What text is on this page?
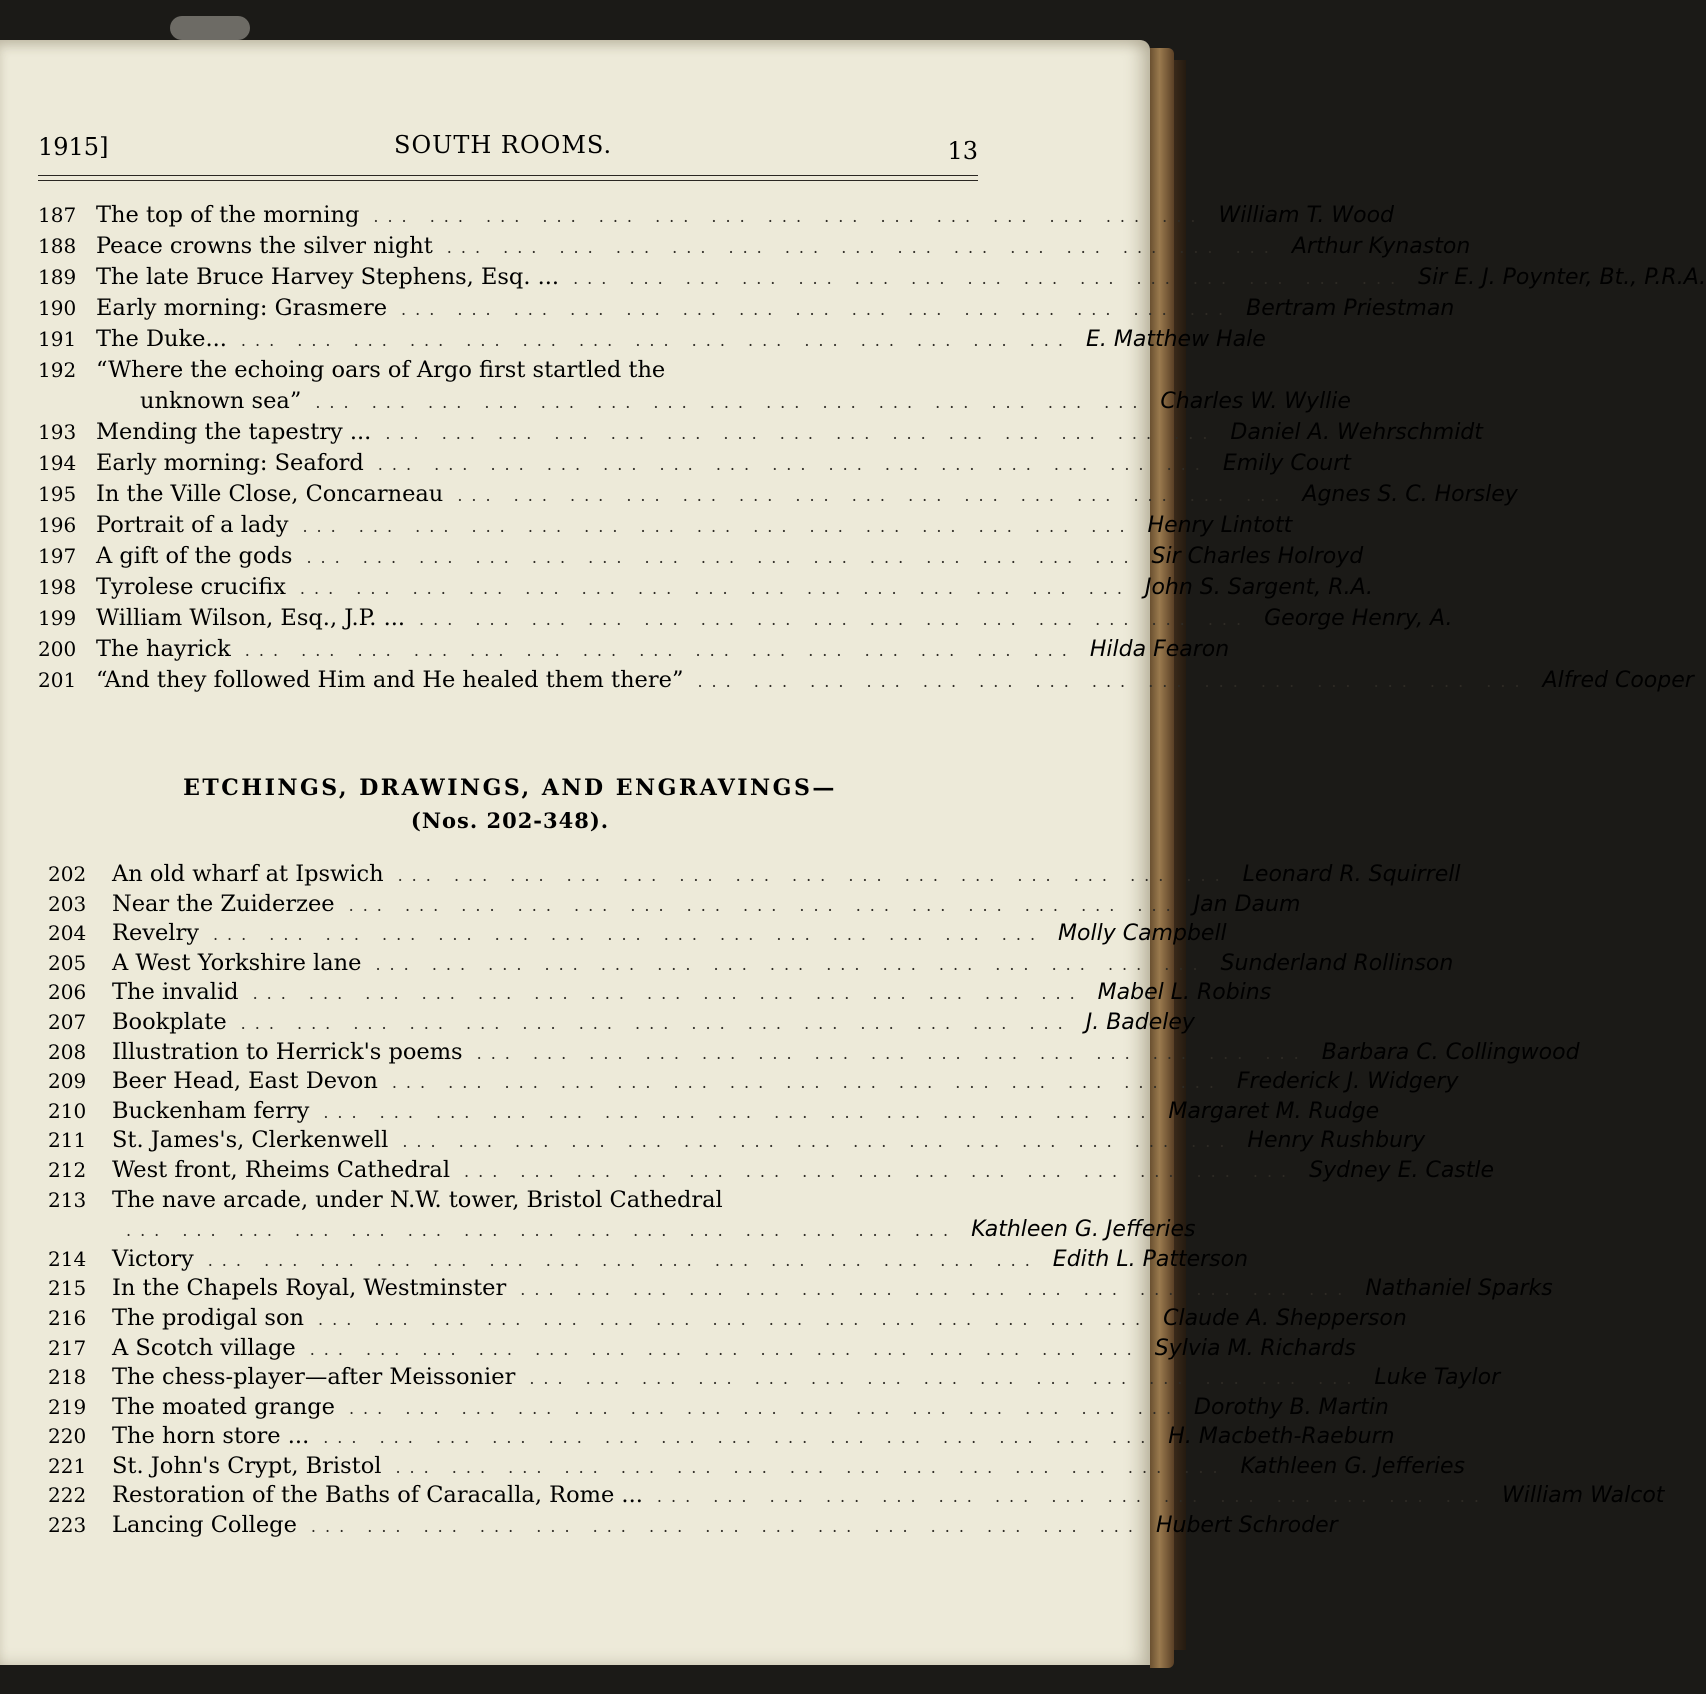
1915]	SOUTH ROOMS.	13
187 The top of the morning ... ... ... ... ... ... ... ... ... ... ... ... ... ... ... William T. Wood
188 Peace crowns the silver night ... ... ... ... ... ... ... ... ... ... ... ... ... ... ... Arthur Kynaston
189 The late Bruce Harvey Stephens, Esq. ... ... ... ... ... ... ... ... ... ... ... ... ... ... ... ... Sir E. J. Poynter, Bt., P.R.A.
190 Early morning: Grasmere ... ... ... ... ... ... ... ... ... ... ... ... ... ... ... Bertram Priestman
191 The Duke... ... ... ... ... ... ... ... ... ... ... ... ... ... ... ... E. Matthew Hale
192 “Where the echoing oars of Argo first startled the
unknown sea” ... ... ... ... ... ... ... ... ... ... ... ... ... ... ... Charles W. Wyllie
193 Mending the tapestry ... ... ... ... ... ... ... ... ... ... ... ... ... ... ... ... Daniel A. Wehrschmidt
194 Early morning: Seaford ... ... ... ... ... ... ... ... ... ... ... ... ... ... ... Emily Court
195 In the Ville Close, Concarneau ... ... ... ... ... ... ... ... ... ... ... ... ... ... ... Agnes S. C. Horsley
196 Portrait of a lady ... ... ... ... ... ... ... ... ... ... ... ... ... ... ... Henry Lintott
197 A gift of the gods ... ... ... ... ... ... ... ... ... ... ... ... ... ... ... Sir Charles Holroyd
198 Tyrolese crucifix ... ... ... ... ... ... ... ... ... ... ... ... ... ... ... John S. Sargent, R.A.
199 William Wilson, Esq., J.P. ... ... ... ... ... ... ... ... ... ... ... ... ... ... ... ... George Henry, A.
200 The hayrick ... ... ... ... ... ... ... ... ... ... ... ... ... ... ... Hilda Fearon
201 “And they followed Him and He healed them there” ... ... ... ... ... ... ... ... ... ... ... ... ... ... ... Alfred Cooper
ETCHINGS, DRAWINGS, AND ENGRAVINGS—
(Nos. 202-348).
202	An old wharf at Ipswich ... ... ... ... ... ... ... ... ... ... ... ... ... ... ... Leonard R. Squirrell
203	Near the Zuiderzee ... ... ... ... ... ... ... ... ... ... ... ... ... ... ... Jan Daum
204	Revelry ... ... ... ... ... ... ... ... ... ... ... ... ... ... ... Molly Campbell
205	A West Yorkshire lane ... ... ... ... ... ... ... ... ... ... ... ... ... ... ... Sunderland Rollinson
206	The invalid ... ... ... ... ... ... ... ... ... ... ... ... ... ... ... Mabel L. Robins
207	Bookplate ... ... ... ... ... ... ... ... ... ... ... ... ... ... ... J. Badeley
208	Illustration to Herrick's poems ... ... ... ... ... ... ... ... ... ... ... ... ... ... ... Barbara C. Collingwood
209	Beer Head, East Devon ... ... ... ... ... ... ... ... ... ... ... ... ... ... ... Frederick J. Widgery
210	Buckenham ferry ... ... ... ... ... ... ... ... ... ... ... ... ... ... ... Margaret M. Rudge
211	St. James's, Clerkenwell ... ... ... ... ... ... ... ... ... ... ... ... ... ... ... Henry Rushbury
212	West front, Rheims Cathedral ... ... ... ... ... ... ... ... ... ... ... ... ... ... ... Sydney E. Castle
213	The nave arcade, under N.W. tower, Bristol Cathedral
... ... ... ... ... ... ... ... ... ... ... ... ... ... ... Kathleen G. Jefferies
214	Victory ... ... ... ... ... ... ... ... ... ... ... ... ... ... ... Edith L. Patterson
215	In the Chapels Royal, Westminster ... ... ... ... ... ... ... ... ... ... ... ... ... ... ... Nathaniel Sparks
216	The prodigal son ... ... ... ... ... ... ... ... ... ... ... ... ... ... ... Claude A. Shepperson
217	A Scotch village ... ... ... ... ... ... ... ... ... ... ... ... ... ... ... Sylvia M. Richards
218	The chess-player—after Meissonier ... ... ... ... ... ... ... ... ... ... ... ... ... ... ... Luke Taylor
219	The moated grange ... ... ... ... ... ... ... ... ... ... ... ... ... ... ... Dorothy B. Martin
220	The horn store ... ... ... ... ... ... ... ... ... ... ... ... ... ... ... ... H. Macbeth-Raeburn
221	St. John's Crypt, Bristol ... ... ... ... ... ... ... ... ... ... ... ... ... ... ... Kathleen G. Jefferies
222	Restoration of the Baths of Caracalla, Rome ... ... ... ... ... ... ... ... ... ... ... ... ... ... ... ... William Walcot
223	Lancing College ... ... ... ... ... ... ... ... ... ... ... ... ... ... ... Hubert Schroder
